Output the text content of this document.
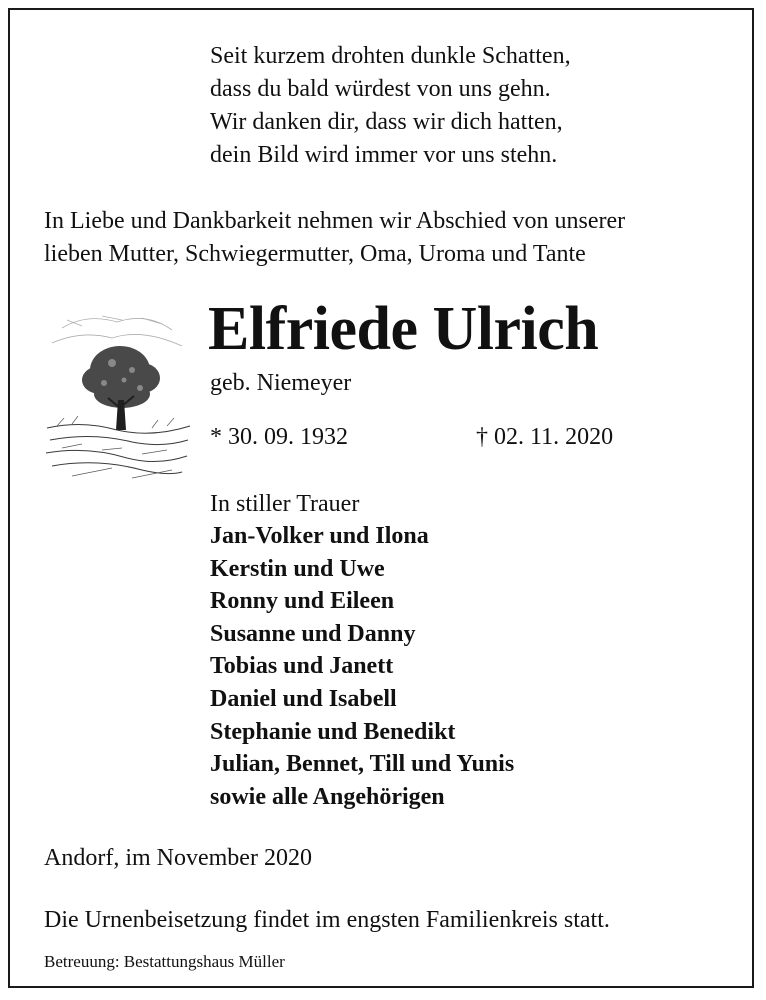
Seit kurzem drohten dunkle Schatten,
dass du bald würdest von uns gehn.
Wir danken dir, dass wir dich hatten,
dein Bild wird immer vor uns stehn.
In Liebe und Dankbarkeit nehmen wir Abschied von unserer
lieben Mutter, Schwiegermutter, Oma, Uroma und Tante
Elfriede Ulrich
geb. Niemeyer
* 30. 09. 1932	† 02. 11. 2020
In stiller Trauer
Jan-Volker und Ilona
Kerstin und Uwe
Ronny und Eileen
Susanne und Danny
Tobias und Janett
Daniel und Isabell
Stephanie und Benedikt
Julian, Bennet, Till und Yunis
sowie alle Angehörigen
Andorf, im November 2020
Die Urnenbeisetzung findet im engsten Familienkreis statt.
Betreuung: Bestattungshaus Müller
